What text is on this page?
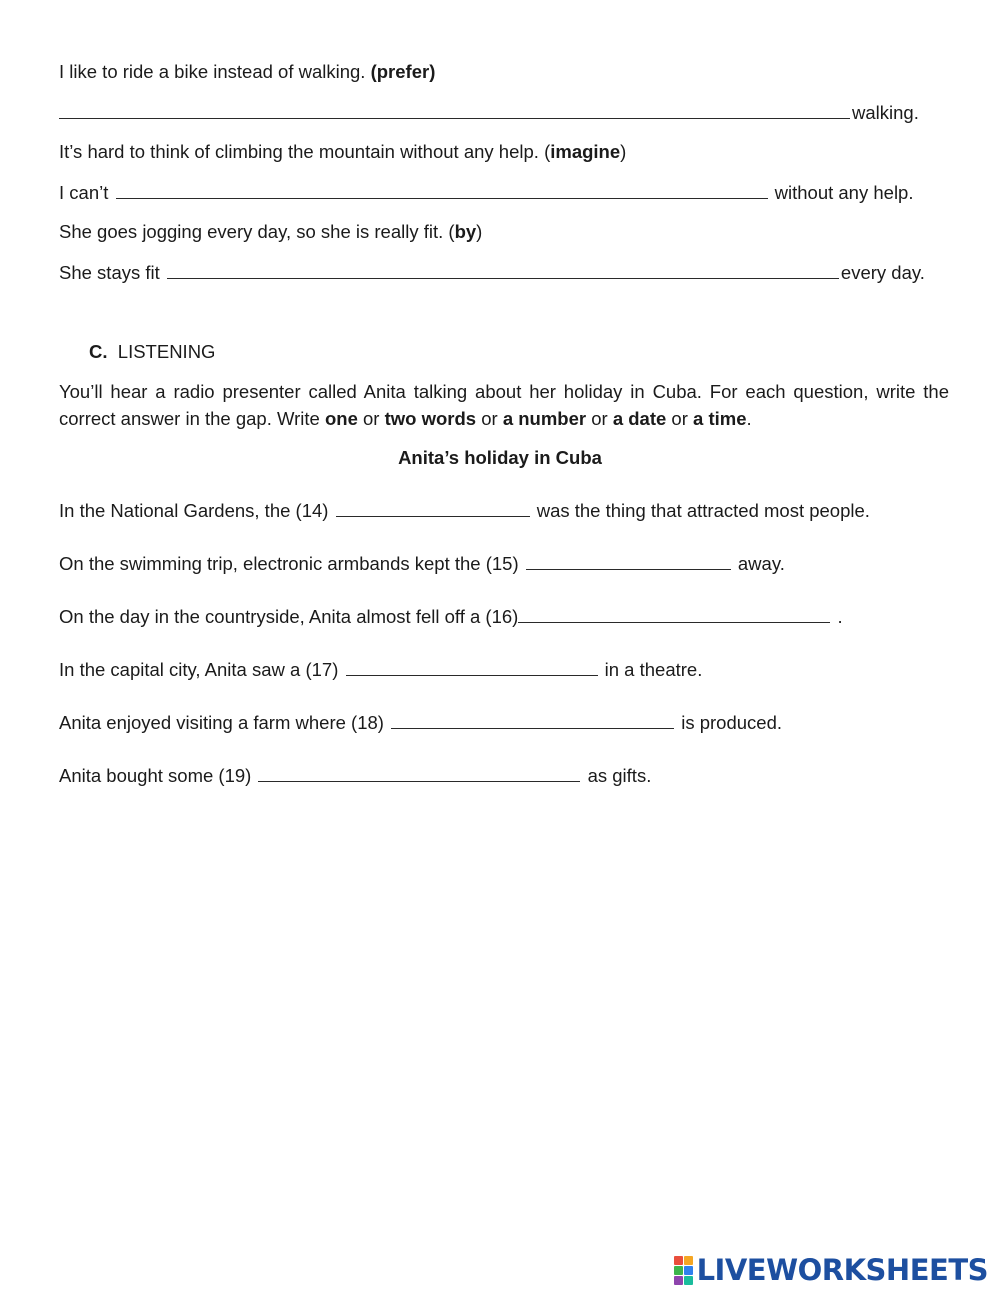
I like to ride a bike instead of walking. (prefer)
walking.
It’s hard to think of climbing the mountain without any help. (imagine)
I can’t	without any help.
She goes jogging every day, so she is really fit. (by)
She stays fit	every day.
C. LISTENING
You’ll hear a radio presenter called Anita talking about her holiday in Cuba. For each question, write the correct answer in the gap. Write one or two words or a number or a date or a time.
Anita’s holiday in Cuba
In the National Gardens, the (14)	was the thing that attracted most people.
On the swimming trip, electronic armbands kept the (15)	away.
On the day in the countryside, Anita almost fell off a (16)	.
In the capital city, Anita saw a (17)	in a theatre.
Anita enjoyed visiting a farm where (18)	is produced.
Anita bought some (19)	as gifts.
LIVEWORKSHEETS
